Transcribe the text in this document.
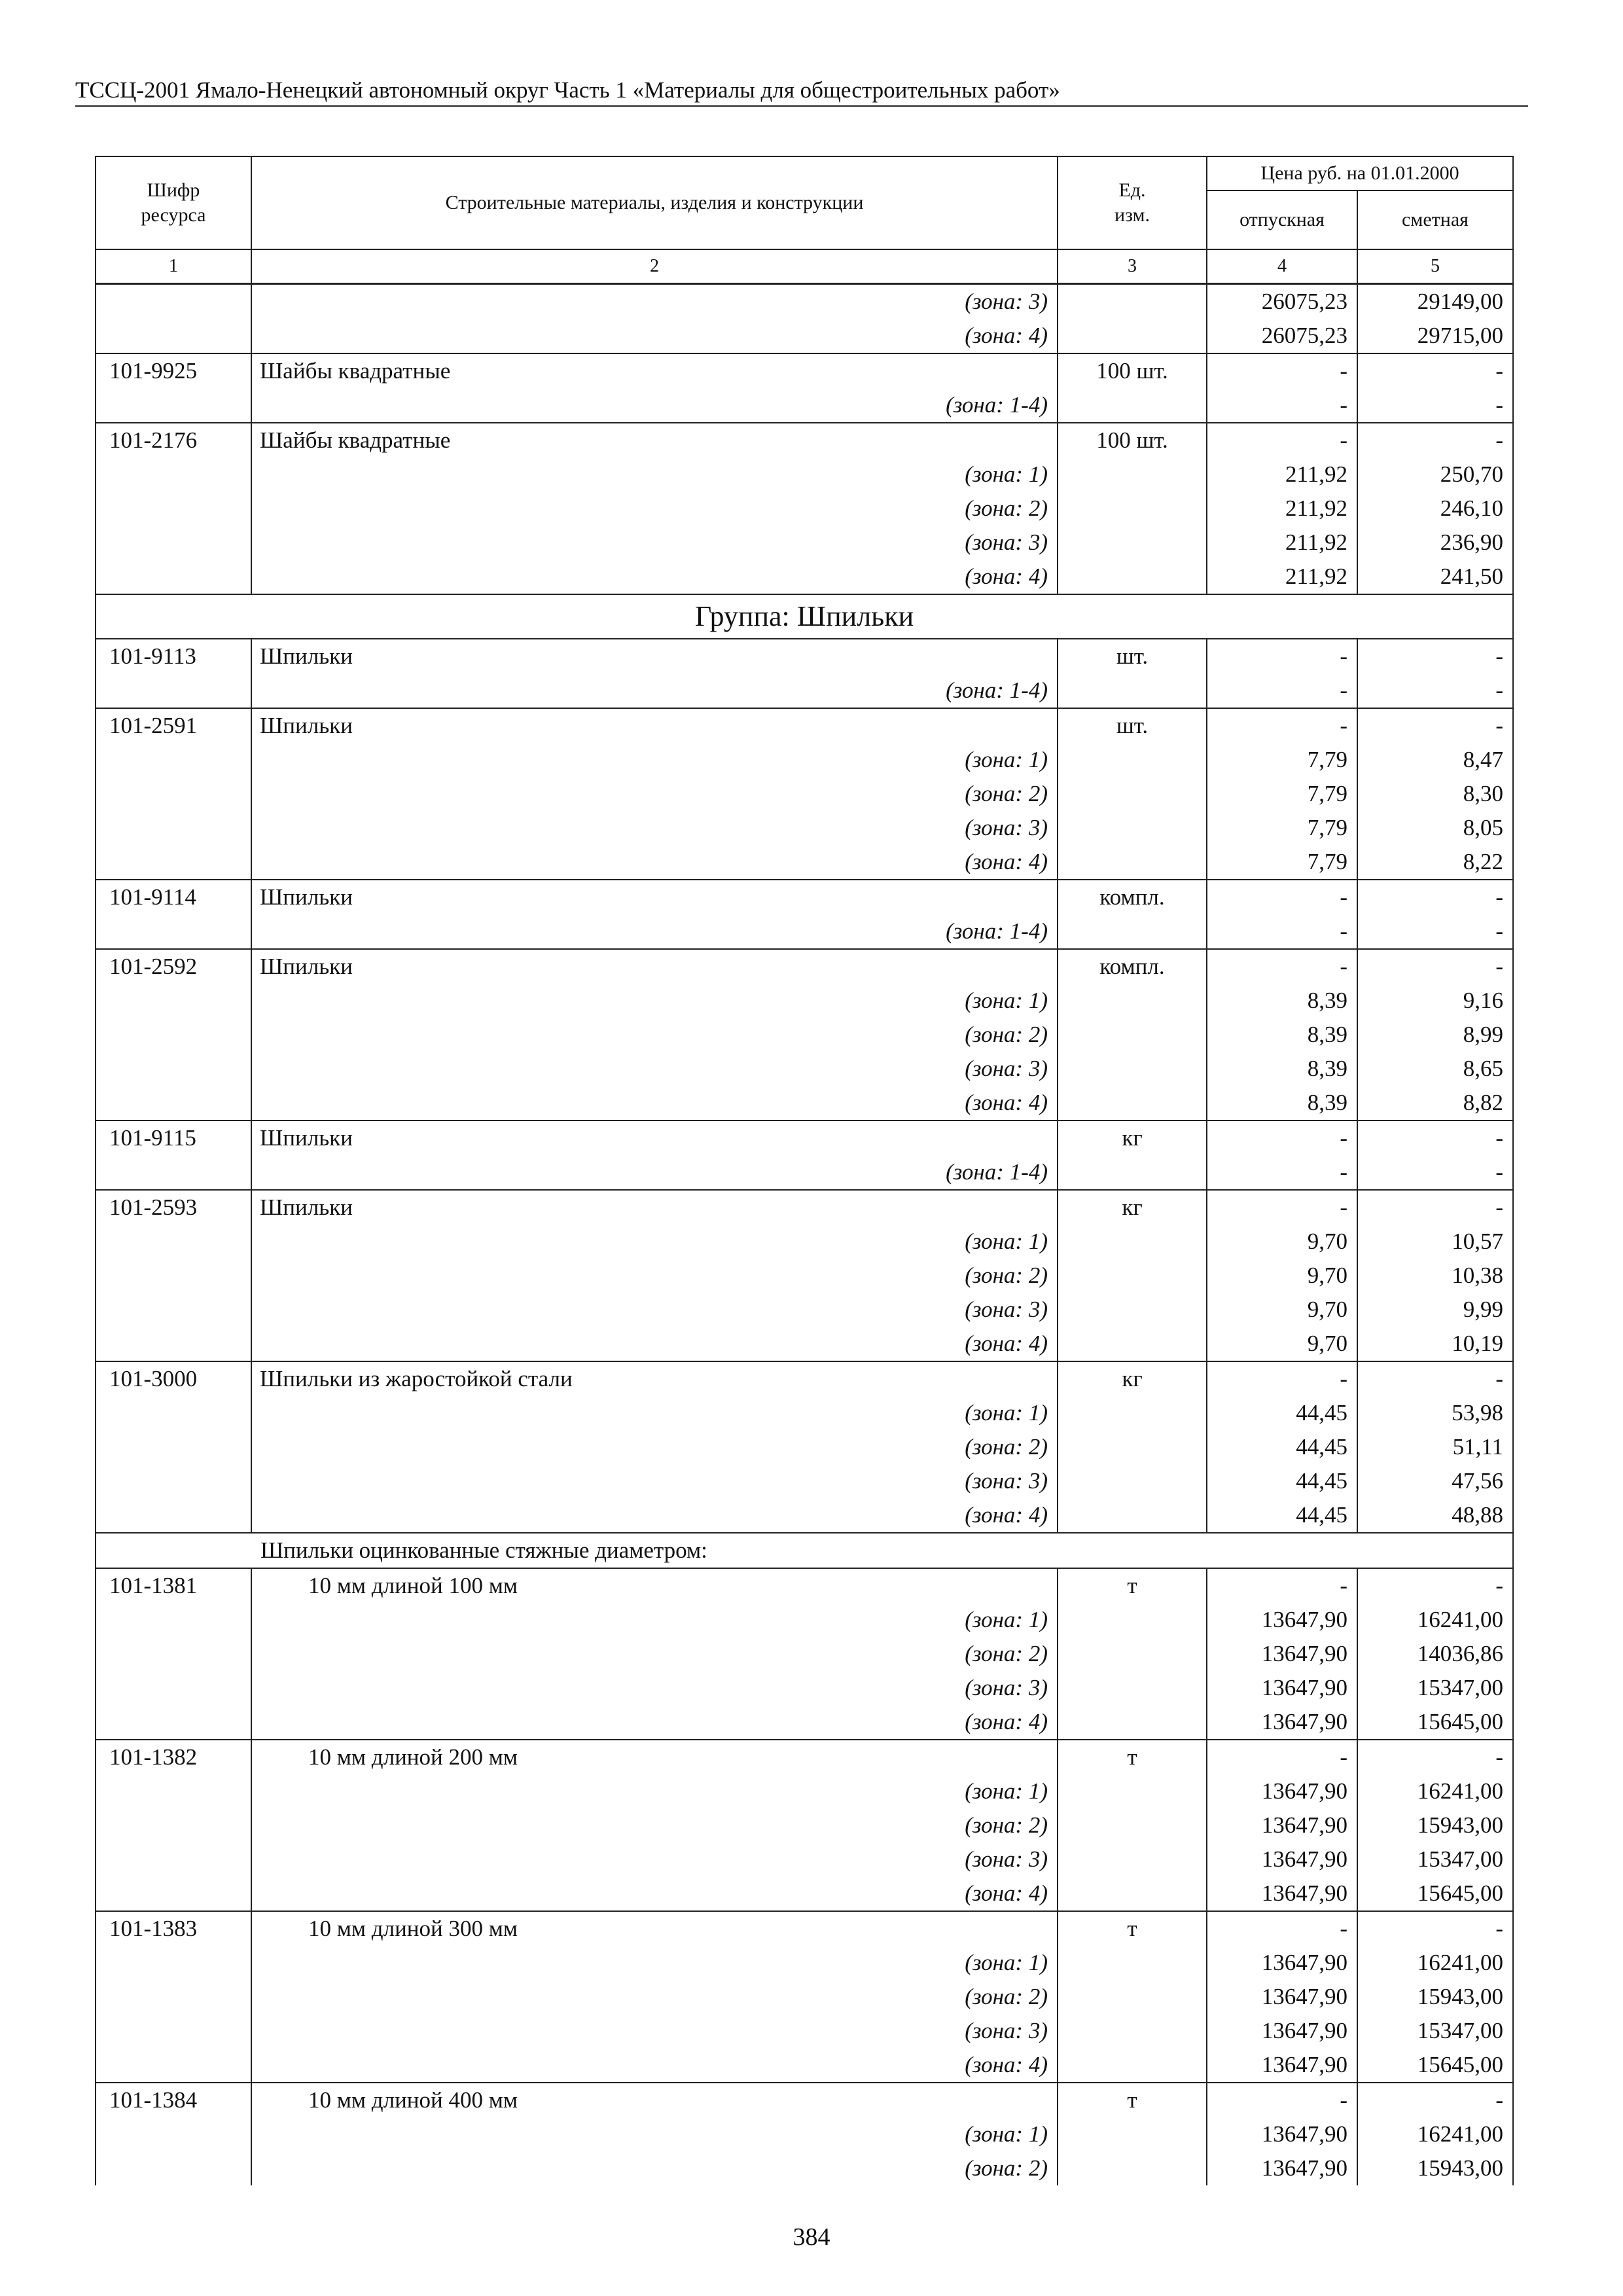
ТССЦ-2001 Ямало-Ненецкий автономный округ Часть 1 «Материалы для общестроительных работ»
Шифр ресурса	Строительные материалы, изделия и конструкции	Ед. изм.	Цена руб. на 01.01.2000	
			отпускная	сметная
1	2	3	4	5
	(зона: 3)		26075,23	29149,00
	(зона: 4)		26075,23	29715,00
101-9925	Шайбы квадратные	100 шт.	-	-
	(зона: 1-4)		-	-
101-2176	Шайбы квадратные	100 шт.	-	-
	(зона: 1)		211,92	250,70
	(зона: 2)		211,92	246,10
	(зона: 3)		211,92	236,90
	(зона: 4)		211,92	241,50
Группа: Шпильки				
101-9113	Шпильки	шт.	-	-
	(зона: 1-4)		-	-
101-2591	Шпильки	шт.	-	-
	(зона: 1)		7,79	8,47
	(зона: 2)		7,79	8,30
	(зона: 3)		7,79	8,05
	(зона: 4)		7,79	8,22
101-9114	Шпильки	компл.	-	-
	(зона: 1-4)		-	-
101-2592	Шпильки	компл.	-	-
	(зона: 1)		8,39	9,16
	(зона: 2)		8,39	8,99
	(зона: 3)		8,39	8,65
	(зона: 4)		8,39	8,82
101-9115	Шпильки	кг	-	-
	(зона: 1-4)		-	-
101-2593	Шпильки	кг	-	-
	(зона: 1)		9,70	10,57
	(зона: 2)		9,70	10,38
	(зона: 3)		9,70	9,99
	(зона: 4)		9,70	10,19
101-3000	Шпильки из жаростойкой стали	кг	-	-
	(зона: 1)		44,45	53,98
	(зона: 2)		44,45	51,11
	(зона: 3)		44,45	47,56
	(зона: 4)		44,45	48,88
Шпильки оцинкованные стяжные диаметром:				
101-1381	10 мм длиной 100 мм	т	-	-
	(зона: 1)		13647,90	16241,00
	(зона: 2)		13647,90	14036,86
	(зона: 3)		13647,90	15347,00
	(зона: 4)		13647,90	15645,00
101-1382	10 мм длиной 200 мм	т	-	-
	(зона: 1)		13647,90	16241,00
	(зона: 2)		13647,90	15943,00
	(зона: 3)		13647,90	15347,00
	(зона: 4)		13647,90	15645,00
101-1383	10 мм длиной 300 мм	т	-	-
	(зона: 1)		13647,90	16241,00
	(зона: 2)		13647,90	15943,00
	(зона: 3)		13647,90	15347,00
	(зона: 4)		13647,90	15645,00
101-1384	10 мм длиной 400 мм	т	-	-
	(зона: 1)		13647,90	16241,00
	(зона: 2)		13647,90	15943,00
384
